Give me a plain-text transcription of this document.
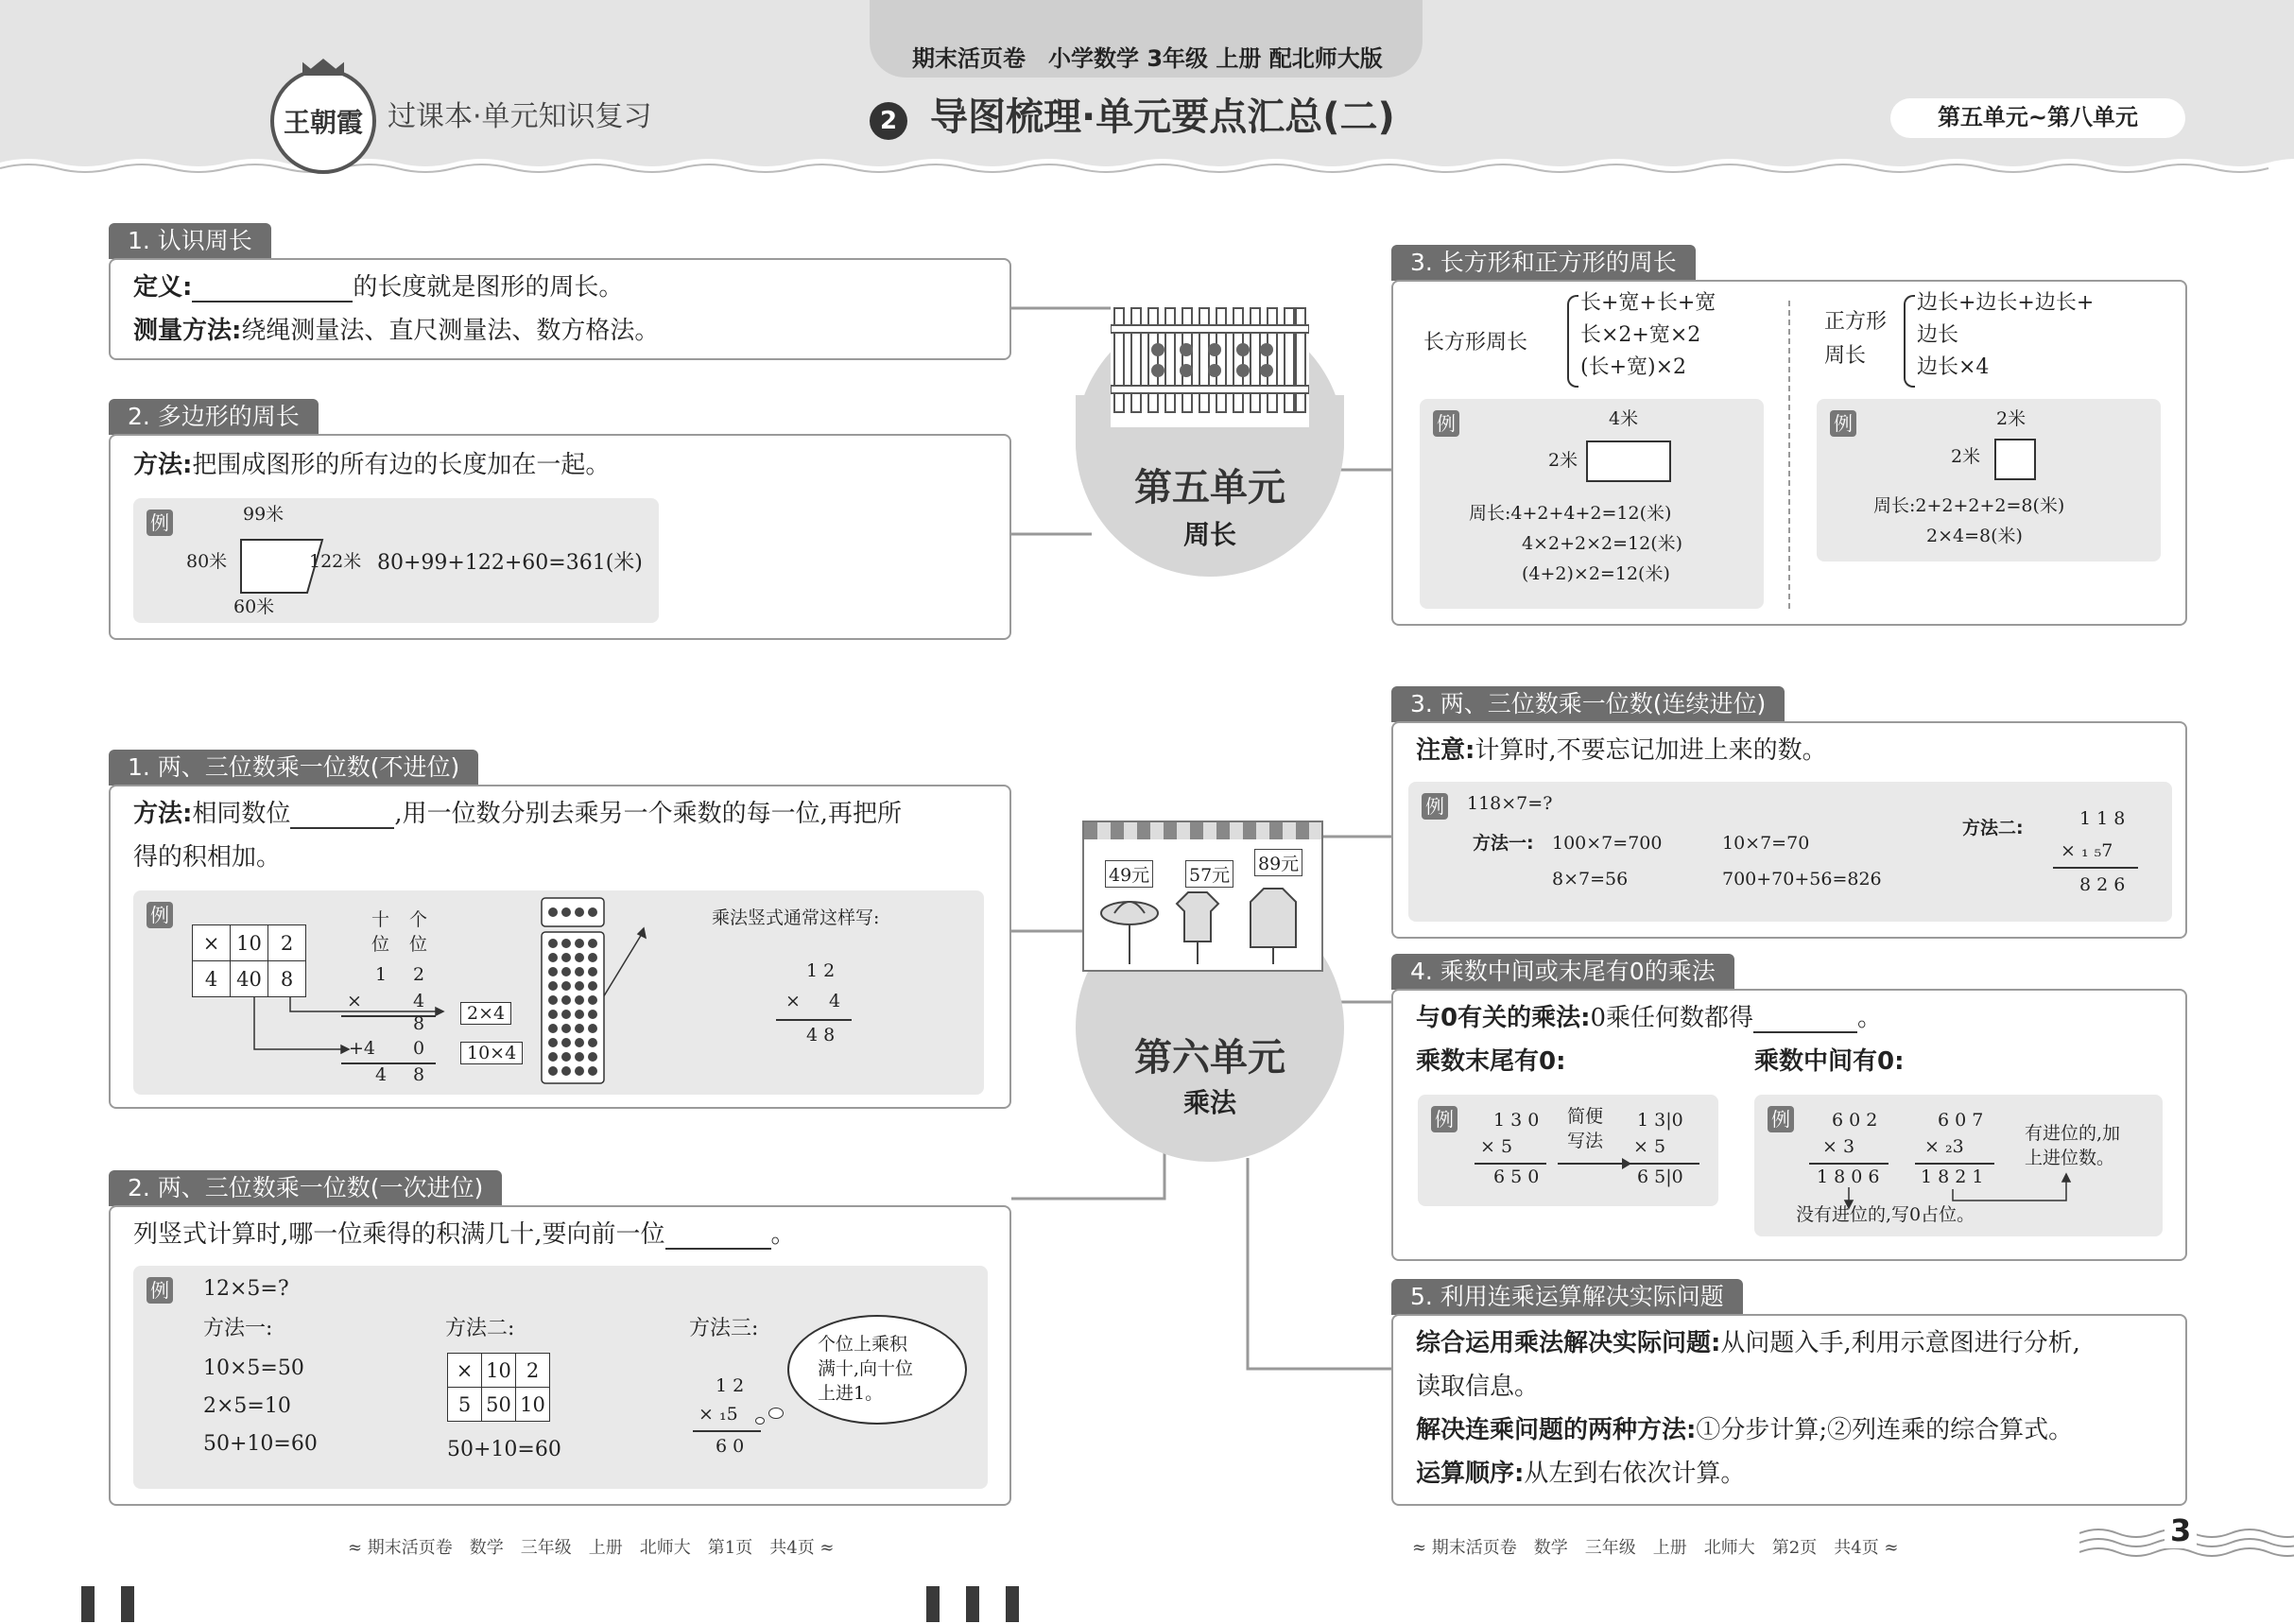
期末活页卷　小学数学 3年级 上册 配北师大版
王朝霞 过课本·单元知识复习	2 导图梳理·单元要点汇总(二)	第五单元~第八单元
第五单元
周长
第六单元
乘法
49元 57元
89元
1. 认识周长
定义:	的长度就是图形的周长。
测量方法:绕绳测量法、直尺测量法、数方格法。
2. 多边形的周长
方法:把围成图形的所有边的长度加在一起。
例	99米
80米	122米
60米
80+99+122+60=361(米)
3. 长方形和正方形的周长
长方形周长
长+宽+长+宽
长×2+宽×2
(长+宽)×2
正方形
周长
边长+边长+边长+
边长
边长×4
例	4米
2米
周长:4+2+4+2=12(米)
4×2+2×2=12(米)
(4+2)×2=12(米)
例	2米
2米
周长:2+2+2+2=8(米)
2×4=8(米)
1. 两、三位数乘一位数(不进位)
方法:相同数位	,用一位数分别去乘另一个乘数的每一位,再把所
得的积相加。
例
×	10	2
4	40	8
十 个
位 位
1 2
×	4
8
+4 0
4 8
2×4
10×4
乘法竖式通常这样写:
1 2
× 4
4 8
2. 两、三位数乘一位数(一次进位)
列竖式计算时,哪一位乘得的积满几十,要向前一位	。
例 12×5=?
方法一:
10×5=50
2×5=10
50+10=60
方法二:
×	10	2
5	50	10
50+10=60
方法三:
1 2
× ₁5
6 0
个位上乘积
满十,向十位
上进1。
3. 两、三位数乘一位数(连续进位)
注意:计算时,不要忘记加进上来的数。
例 118×7=?
方法一: 100×7=700	10×7=70
8×7=56	700+70+56=826
方法二:	1 1 8
× ₁ ₅7
8 2 6
4. 乘数中间或末尾有0的乘法
与0有关的乘法:0乘任何数都得	。
乘数末尾有0:	乘数中间有0:
例 1 3 0
× 5
6 5 0
简便
写法
1 3|0
× 5
6 5|0
例 6 0 2
× 3
1 8 0 6
6 0 7
× ₂3
1 8 2 1
有进位的,加
上进位数。
没有进位的,写0占位。
5. 利用连乘运算解决实际问题
综合运用乘法解决实际问题:从问题入手,利用示意图进行分析,
读取信息。
解决连乘问题的两种方法:①分步计算;②列连乘的综合算式。
运算顺序:从左到右依次计算。
≈ 期末活页卷　数学　三年级　上册　北师大　第1页　共4页 ≈	≈ 期末活页卷　数学　三年级　上册　北师大　第2页　共4页 ≈	3
